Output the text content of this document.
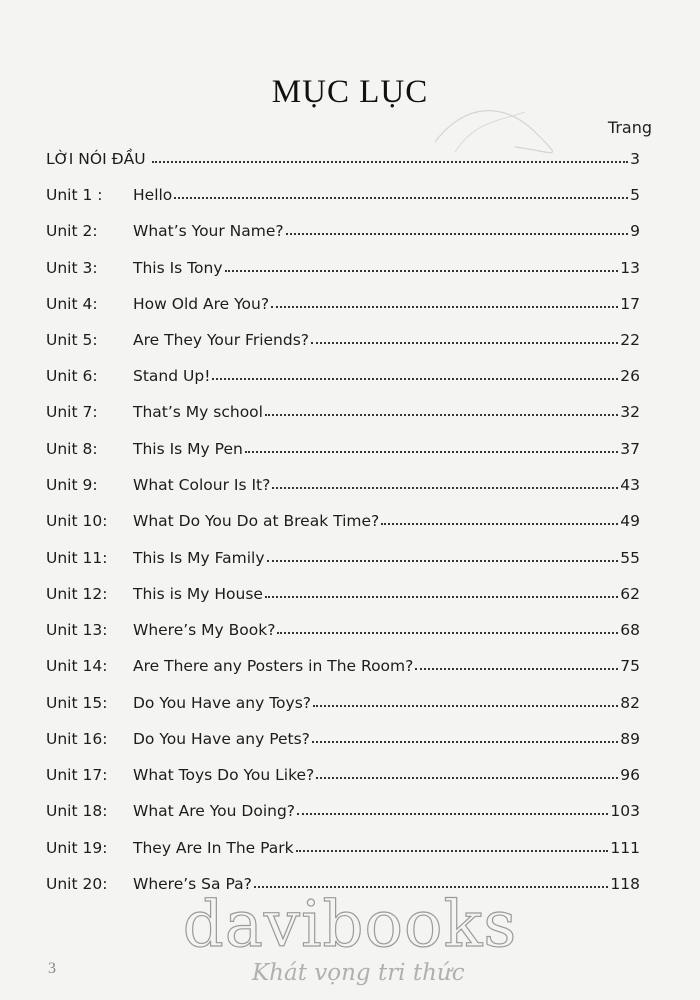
MỤC LỤC
Trang
LỜI NÓI ĐẦU	3
Unit 1 :	Hello	5
Unit 2:	What’s Your Name?	9
Unit 3:	This Is Tony	13
Unit 4:	How Old Are You?	17
Unit 5:	Are They Your Friends?	22
Unit 6:	Stand Up!	26
Unit 7:	That’s My school	32
Unit 8:	This Is My Pen	37
Unit 9:	What Colour Is It?	43
Unit 10:	What Do You Do at Break Time?	49
Unit 11:	This Is My Family	55
Unit 12:	This is My House	62
Unit 13:	Where’s My Book?	68
Unit 14:	Are There any Posters in The Room?	75
Unit 15:	Do You Have any Toys?	82
Unit 16:	Do You Have any Pets?	89
Unit 17:	What Toys Do You Like?	96
Unit 18:	What Are You Doing?	103
Unit 19:	They Are In The Park	111
Unit 20:	Where’s Sa Pa?	118
3
davibooks
Khát vọng tri thức
